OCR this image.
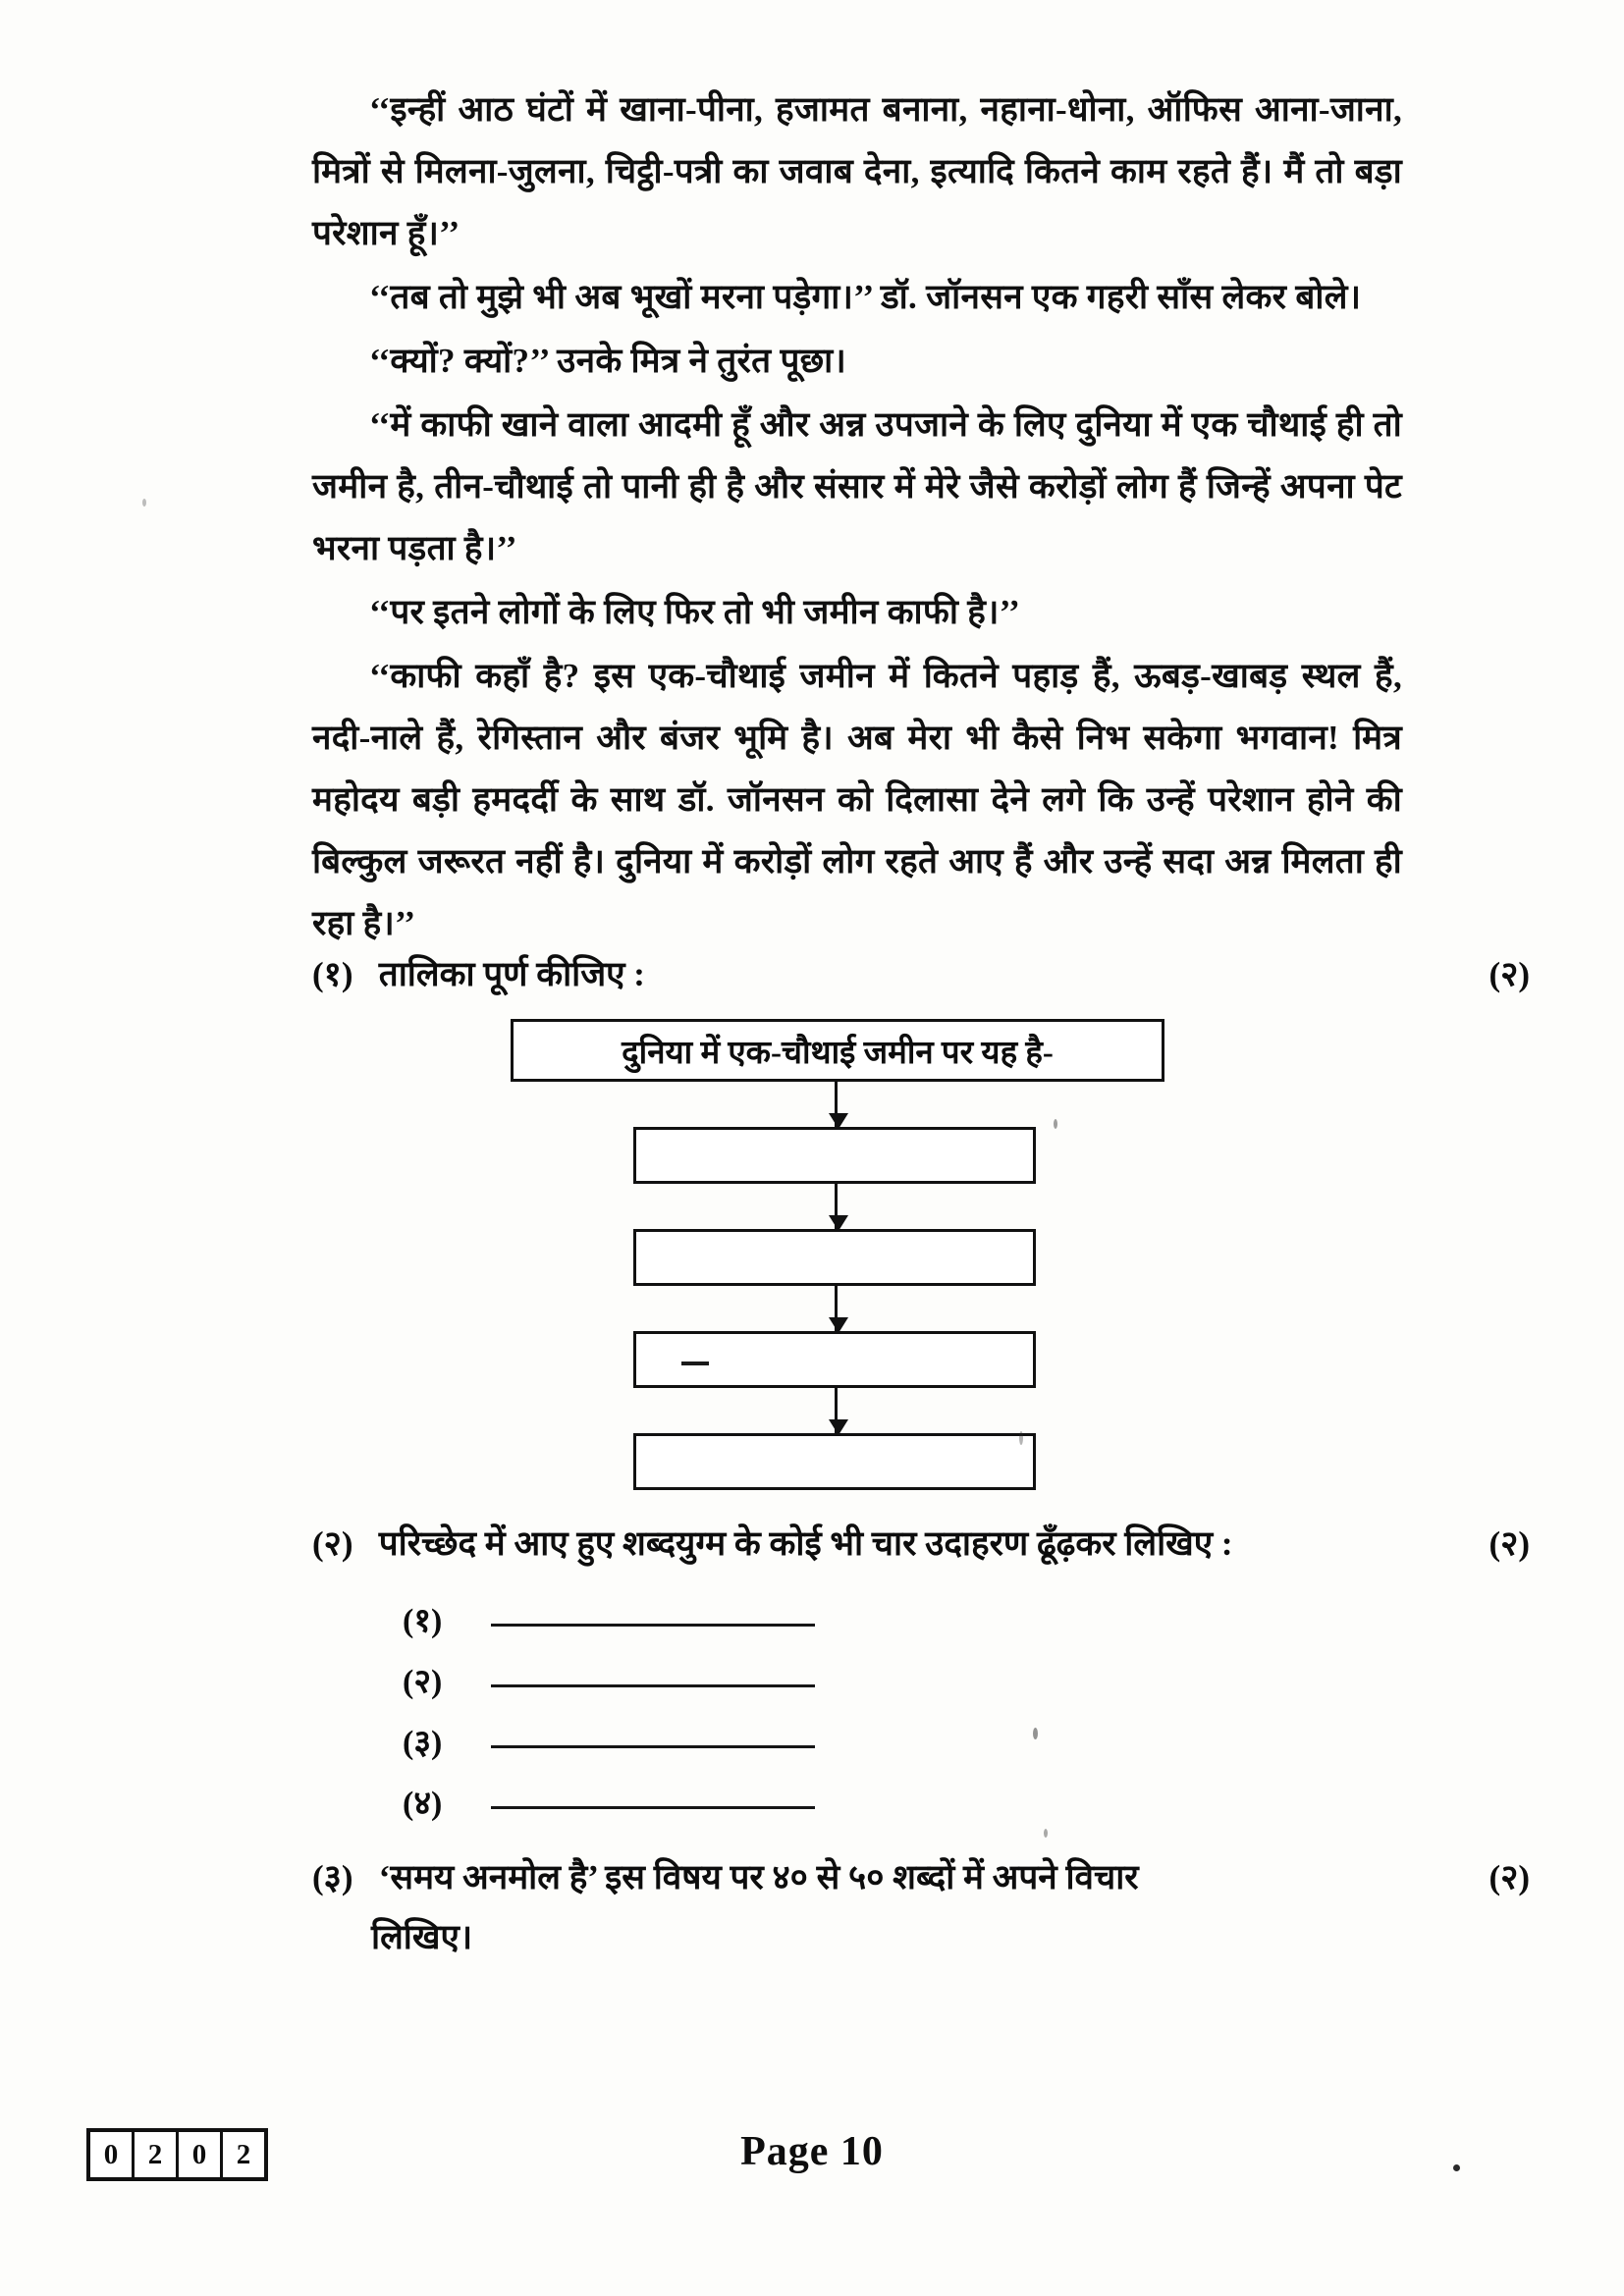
‘‘इन्हीं आठ घंटों में खाना-पीना, हजामत बनाना, नहाना-धोना, ऑफिस आना-जाना, मित्रों से मिलना-जुलना, चिट्ठी-पत्री का जवाब देना, इत्यादि कितने काम रहते हैं। मैं तो बड़ा परेशान हूँ।’’

‘‘तब तो मुझे भी अब भूखों मरना पड़ेगा।’’ डॉ. जॉनसन एक गहरी साँस लेकर बोले।

‘‘क्यों? क्यों?’’ उनके मित्र ने तुरंत पूछा।

‘‘में काफी खाने वाला आदमी हूँ और अन्न उपजाने के लिए दुनिया में एक चौथाई ही तो जमीन है, तीन-चौथाई तो पानी ही है और संसार में मेरे जैसे करोड़ों लोग हैं जिन्हें अपना पेट भरना पड़ता है।’’

‘‘पर इतने लोगों के लिए फिर तो भी जमीन काफी है।’’

‘‘काफी कहाँ है? इस एक-चौथाई जमीन में कितने पहाड़ हैं, ऊबड़-खाबड़ स्थल हैं, नदी-नाले हैं, रेगिस्तान और बंजर भूमि है। अब मेरा भी कैसे निभ सकेगा भगवान! मित्र महोदय बड़ी हमदर्दी के साथ डॉ. जॉनसन को दिलासा देने लगे कि उन्हें परेशान होने की बिल्कुल जरूरत नहीं है। दुनिया में करोड़ों लोग रहते आए हैं और उन्हें सदा अन्न मिलता ही रहा है।’’

(१) तालिका पूर्ण कीजिए :	(२)
दुनिया में एक-चौथाई जमीन पर यह है-
(२) परिच्छेद में आए हुए शब्दयुग्म के कोई भी चार उदाहरण ढूँढ़कर लिखिए :	(२)
(१)
(२)
(३)
(४)
(३) ‘समय अनमोल है’ इस विषय पर ४० से ५० शब्दों में अपने विचार
लिखिए।
(२)
0	2	0	2	Page 10
